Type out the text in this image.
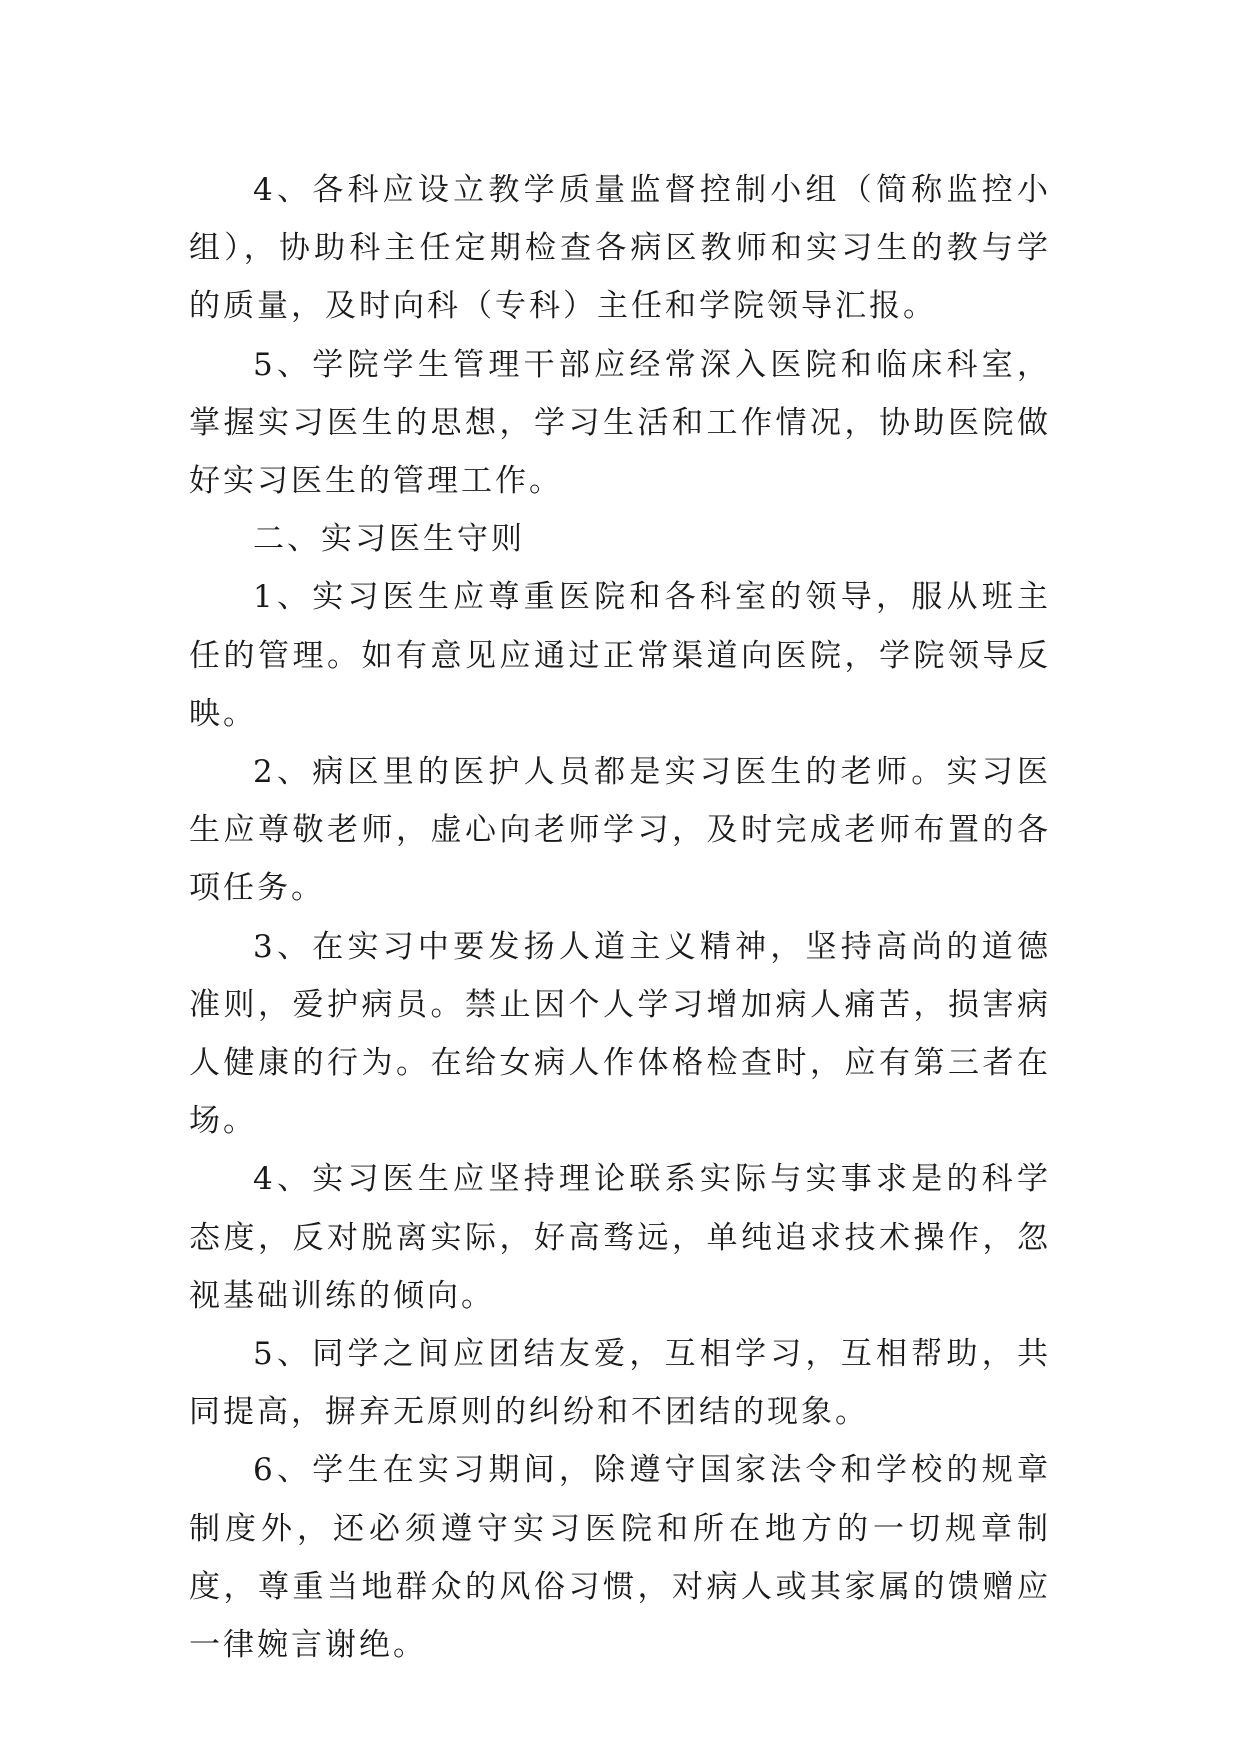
4、各科应设立教学质量监督控制小组（简称监控小组），协助科主任定期检查各病区教师和实习生的教与学的质量，及时向科（专科）主任和学院领导汇报。

5、学院学生管理干部应经常深入医院和临床科室，掌握实习医生的思想，学习生活和工作情况，协助医院做好实习医生的管理工作。

二、实习医生守则

1、实习医生应尊重医院和各科室的领导，服从班主任的管理。如有意见应通过正常渠道向医院，学院领导反映。

2、病区里的医护人员都是实习医生的老师。实习医生应尊敬老师，虚心向老师学习，及时完成老师布置的各项任务。

3、在实习中要发扬人道主义精神，坚持高尚的道德准则，爱护病员。禁止因个人学习增加病人痛苦，损害病人健康的行为。在给女病人作体格检查时，应有第三者在场。

4、实习医生应坚持理论联系实际与实事求是的科学态度，反对脱离实际，好高骛远，单纯追求技术操作，忽视基础训练的倾向。

5、同学之间应团结友爱，互相学习，互相帮助，共同提高，摒弃无原则的纠纷和不团结的现象。

6、学生在实习期间，除遵守国家法令和学校的规章制度外，还必须遵守实习医院和所在地方的一切规章制度，尊重当地群众的风俗习惯，对病人或其家属的馈赠应一律婉言谢绝。
